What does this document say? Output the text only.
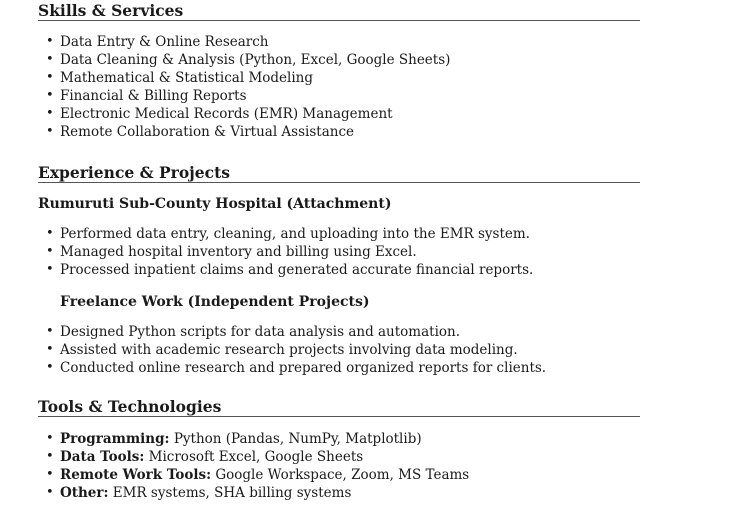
Skills & Services
• Data Entry & Online Research
• Data Cleaning & Analysis (Python, Excel, Google Sheets)
• Mathematical & Statistical Modeling
• Financial & Billing Reports
• Electronic Medical Records (EMR) Management
• Remote Collaboration & Virtual Assistance
Experience & Projects
Rumuruti Sub-County Hospital (Attachment)
• Performed data entry, cleaning, and uploading into the EMR system.
• Managed hospital inventory and billing using Excel.
• Processed inpatient claims and generated accurate financial reports.
Freelance Work (Independent Projects)
• Designed Python scripts for data analysis and automation.
• Assisted with academic research projects involving data modeling.
• Conducted online research and prepared organized reports for clients.
Tools & Technologies
• Programming: Python (Pandas, NumPy, Matplotlib)
• Data Tools: Microsoft Excel, Google Sheets
• Remote Work Tools: Google Workspace, Zoom, MS Teams
• Other: EMR systems, SHA billing systems
